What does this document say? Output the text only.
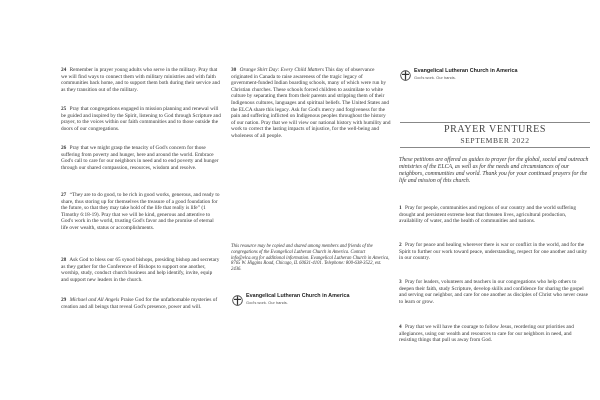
24 Remember in prayer young adults who serve in the military. Pray that we will find ways to connect them with military ministries and with faith communities back home, and to support them both during their service and as they transition out of the military.
25 Pray that congregations engaged in mission planning and renewal will be guided and inspired by the Spirit, listening to God through Scripture and prayer, to the voices within our faith communities and to those outside the doors of our congregations.
26 Pray that we might grasp the tenacity of God's concern for those suffering from poverty and hunger, here and around the world. Embrace God's call to care for our neighbors in need and to end poverty and hunger through our shared compassion, resources, wisdom and resolve.
27 “They are to do good, to be rich in good works, generous, and ready to share, thus storing up for themselves the treasure of a good foundation for the future, so that they may take hold of the life that really is life” (1 Timothy 6:18-19). Pray that we will be kind, generous and attentive to God's work in the world, trusting God's favor and the promise of eternal life over wealth, status or accomplishments.
28 Ask God to bless our 65 synod bishops, presiding bishop and secretary as they gather for the Conference of Bishops to support one another, worship, study, conduct church business and help identify, invite, equip and support new leaders in the church.
29 Michael and All Angels Praise God for the unfathomable mysteries of creation and all beings that reveal God's presence, power and will.
30 Orange Shirt Day: Every Child Matters This day of observance originated in Canada to raise awareness of the tragic legacy of government-funded Indian boarding schools, many of which were run by Christian churches. These schools forced children to assimilate to white culture by separating them from their parents and stripping them of their Indigenous cultures, languages and spiritual beliefs. The United States and the ELCA share this legacy. Ask for God's mercy and forgiveness for the pain and suffering inflicted on Indigenous peoples throughout the history of our nation. Pray that we will view our national history with humility and work to correct the lasting impacts of injustice, for the well-being and wholeness of all people.
This resource may be copied and shared among members and friends of the congregations of the Evangelical Lutheran Church in America. Contact info@elca.org for additional information. Evangelical Lutheran Church in America, 8765 W. Higgins Road, Chicago, IL 60631-4101. Telephone: 800-638-3522, ext. 2436.
Evangelical Lutheran Church in America
God's work. Our hands.
Evangelical Lutheran Church in America
God's work. Our hands.
PRAYER VENTURES
SEPTEMBER 2022
These petitions are offered as guides to prayer for the global, social and outreach ministries of the ELCA, as well as for the needs and circumstances of our neighbors, communities and world. Thank you for your continued prayers for the life and mission of this church.
1 Pray for people, communities and regions of our country and the world suffering drought and persistent extreme heat that threaten lives, agricultural production, availability of water, and the health of communities and nations.
2 Pray for peace and healing wherever there is war or conflict in the world, and for the Spirit to further our work toward peace, understanding, respect for one another and unity in our country.
3 Pray for leaders, volunteers and teachers in our congregations who help others to deepen their faith, study Scripture, develop skills and confidence for sharing the gospel and serving our neighbor, and care for one another as disciples of Christ who never cease to learn or grow.
4 Pray that we will have the courage to follow Jesus, reordering our priorities and allegiances, using our wealth and resources to care for our neighbors in need, and resisting things that pull us away from God.
